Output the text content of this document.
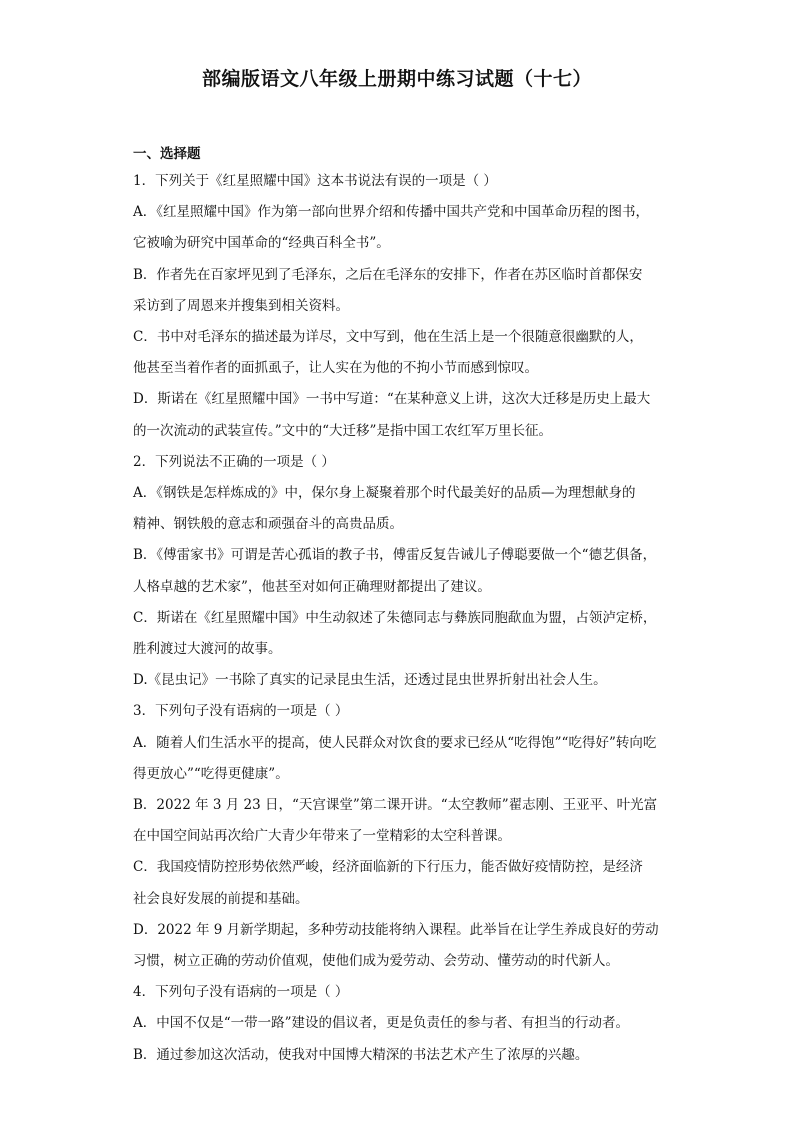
部编版语文八年级上册期中练习试题（十七）
一、选择题
1．下列关于《红星照耀中国》这本书说法有误的一项是（ ）
A．《红星照耀中国》作为第一部向世界介绍和传播中国共产党和中国革命历程的图书，
它被喻为研究中国革命的“经典百科全书”。
B．作者先在百家坪见到了毛泽东，之后在毛泽东的安排下，作者在苏区临时首都保安
采访到了周恩来并搜集到相关资料。
C．书中对毛泽东的描述最为详尽，文中写到，他在生活上是一个很随意很幽默的人，
他甚至当着作者的面抓虱子，让人实在为他的不拘小节而感到惊叹。
D．斯诺在《红星照耀中国》一书中写道：“在某种意义上讲，这次大迁移是历史上最大
的一次流动的武装宣传。”文中的“大迁移”是指中国工农红军万里长征。
2．下列说法不正确的一项是（ ）
A．《钢铁是怎样炼成的》中，保尔身上凝聚着那个时代最美好的品质—为理想献身的
精神、钢铁般的意志和顽强奋斗的高贵品质。
B．《傅雷家书》可谓是苦心孤诣的教子书，傅雷反复告诫儿子傅聪要做一个“德艺俱备，
人格卓越的艺术家”，他甚至对如何正确理财都提出了建议。
C．斯诺在《红星照耀中国》中生动叙述了朱德同志与彝族同胞歃血为盟，占领泸定桥，
胜利渡过大渡河的故事。
D.《昆虫记》一书除了真实的记录昆虫生活，还透过昆虫世界折射出社会人生。
3．下列句子没有语病的一项是（ ）
A．随着人们生活水平的提高，使人民群众对饮食的要求已经从“吃得饱”“吃得好”转向吃
得更放心”“吃得更健康”。
B．2022 年 3 月 23 日，“天宫课堂”第二课开讲。“太空教师”翟志刚、王亚平、叶光富
在中国空间站再次给广大青少年带来了一堂精彩的太空科普课。
C．我国疫情防控形势依然严峻，经济面临新的下行压力，能否做好疫情防控，是经济
社会良好发展的前提和基础。
D．2022 年 9 月新学期起，多种劳动技能将纳入课程。此举旨在让学生养成良好的劳动
习惯，树立正确的劳动价值观，使他们成为爱劳动、会劳动、懂劳动的时代新人。
4．下列句子没有语病的一项是（ ）
A．中国不仅是“一带一路”建设的倡议者，更是负责任的参与者、有担当的行动者。
B．通过参加这次活动，使我对中国博大精深的书法艺术产生了浓厚的兴趣。
